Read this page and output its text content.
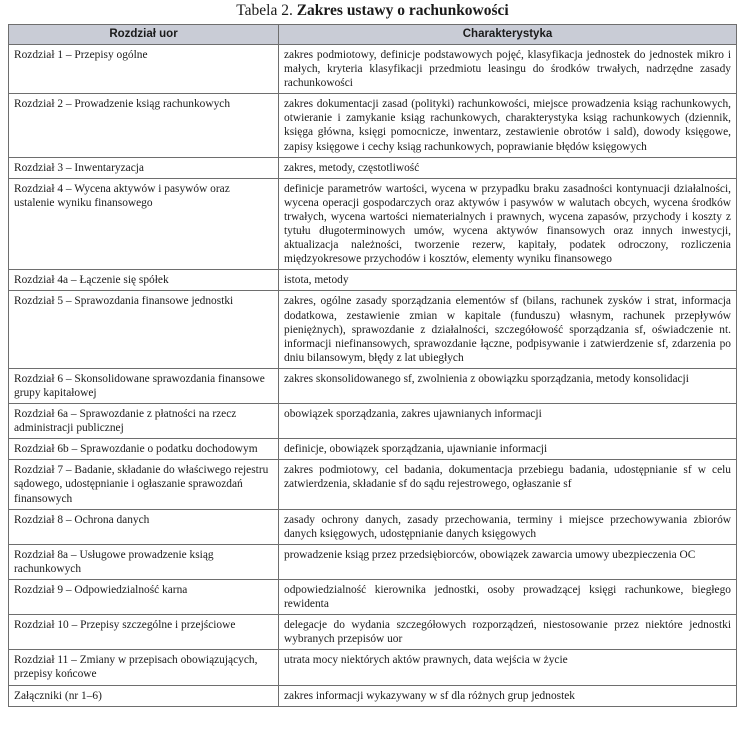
Tabela 2. Zakres ustawy o rachunkowości
Rozdział uor	Charakterystyka
Rozdział 1 – Przepisy ogólne	zakres podmiotowy, definicje podstawowych pojęć, klasyfikacja jednostek do jednostek mikro i małych, kryteria klasyfikacji przedmiotu leasingu do środków trwałych, nadrzędne zasady rachunkowości
Rozdział 2 – Prowadzenie ksiąg rachunkowych	zakres dokumentacji zasad (polityki) rachunkowości, miejsce prowadzenia ksiąg rachunkowych, otwieranie i zamykanie ksiąg rachunkowych, charakterystyka ksiąg rachunkowych (dziennik, księga główna, księgi pomocnicze, inwentarz, zestawienie obrotów i sald), dowody księgowe, zapisy księgowe i cechy ksiąg rachunkowych, poprawianie błędów księgowych
Rozdział 3 – Inwentaryzacja	zakres, metody, częstotliwość
Rozdział 4 – Wycena aktywów i pasywów oraz ustalenie wyniku finansowego	definicje parametrów wartości, wycena w przypadku braku zasadności kontynuacji działalności, wycena operacji gospodarczych oraz aktywów i pasywów w walutach obcych, wycena środków trwałych, wycena wartości niematerialnych i prawnych, wycena zapasów, przychody i koszty z tytułu długoterminowych umów, wycena aktywów finansowych oraz innych inwestycji, aktualizacja należności, tworzenie rezerw, kapitały, podatek odroczony, rozliczenia międzyokresowe przychodów i kosztów, elementy wyniku finansowego
Rozdział 4a – Łączenie się spółek	istota, metody
Rozdział 5 – Sprawozdania finansowe jednostki	zakres, ogólne zasady sporządzania elementów sf (bilans, rachunek zysków i strat, informacja dodatkowa, zestawienie zmian w kapitale (funduszu) własnym, rachunek przepływów pieniężnych), sprawozdanie z działalności, szczegółowość sporządzania sf, oświadczenie nt. informacji niefinansowych, sprawozdanie łączne, podpisywanie i zatwierdzenie sf, zdarzenia po dniu bilansowym, błędy z lat ubiegłych
Rozdział 6 – Skonsolidowane sprawozdania finansowe grupy kapitałowej	zakres skonsolidowanego sf, zwolnienia z obowiązku sporządzania, metody konsolidacji
Rozdział 6a – Sprawozdanie z płatności na rzecz administracji publicznej	obowiązek sporządzania, zakres ujawnianych informacji
Rozdział 6b – Sprawozdanie o podatku dochodowym	definicje, obowiązek sporządzania, ujawnianie informacji
Rozdział 7 – Badanie, składanie do właściwego rejestru sądowego, udostępnianie i ogłaszanie sprawozdań finansowych	zakres podmiotowy, cel badania, dokumentacja przebiegu badania, udostępnianie sf w celu zatwierdzenia, składanie sf do sądu rejestrowego, ogłaszanie sf
Rozdział 8 – Ochrona danych	zasady ochrony danych, zasady przechowania, terminy i miejsce przechowywania zbiorów danych księgowych, udostępnianie danych księgowych
Rozdział 8a – Usługowe prowadzenie ksiąg rachunkowych	prowadzenie ksiąg przez przedsiębiorców, obowiązek zawarcia umowy ubezpieczenia OC
Rozdział 9 – Odpowiedzialność karna	odpowiedzialność kierownika jednostki, osoby prowadzącej księgi rachunkowe, biegłego rewidenta
Rozdział 10 – Przepisy szczególne i przejściowe	delegacje do wydania szczegółowych rozporządzeń, niestosowanie przez niektóre jednostki wybranych przepisów uor
Rozdział 11 – Zmiany w przepisach obowiązujących, przepisy końcowe	utrata mocy niektórych aktów prawnych, data wejścia w życie
Załączniki (nr 1–6)	zakres informacji wykazywany w sf dla różnych grup jednostek
